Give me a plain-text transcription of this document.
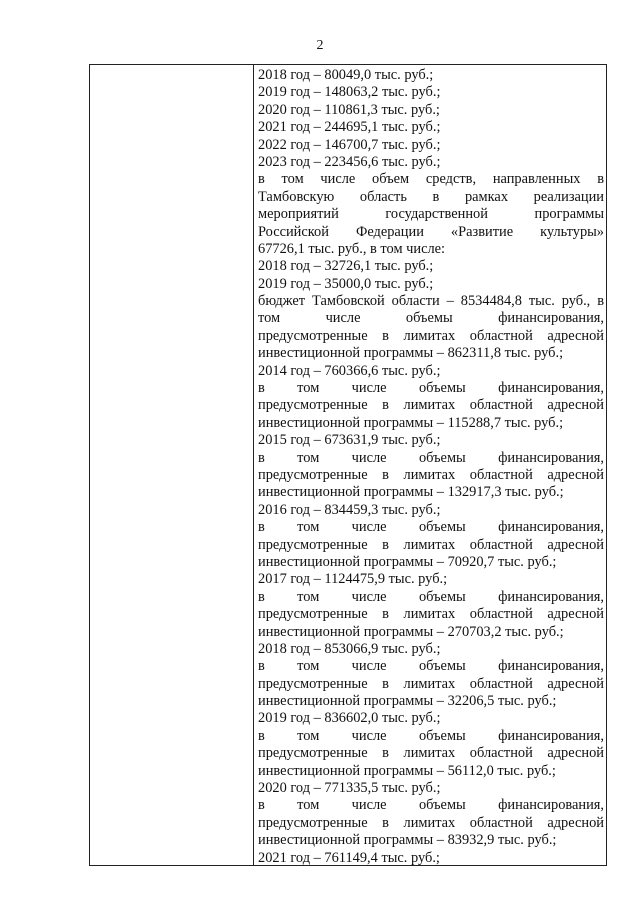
2
2018 год – 80049,0 тыс. руб.;
2019 год – 148063,2 тыс. руб.;
2020 год – 110861,3 тыс. руб.;
2021 год – 244695,1 тыс. руб.;
2022 год – 146700,7 тыс. руб.;
2023 год – 223456,6 тыс. руб.;
в том числе объем средств, направленных в
Тамбовскую область в рамках реализации
мероприятий государственной программы
Российской Федерации «Развитие культуры»
67726,1 тыс. руб., в том числе:
2018 год – 32726,1 тыс. руб.;
2019 год – 35000,0 тыс. руб.;
бюджет Тамбовской области – 8534484,8 тыс. руб., в
том числе объемы финансирования,
предусмотренные в лимитах областной адресной
инвестиционной программы – 862311,8 тыс. руб.;
2014 год – 760366,6 тыс. руб.;
в том числе объемы финансирования,
предусмотренные в лимитах областной адресной
инвестиционной программы – 115288,7 тыс. руб.;
2015 год – 673631,9 тыс. руб.;
в том числе объемы финансирования,
предусмотренные в лимитах областной адресной
инвестиционной программы – 132917,3 тыс. руб.;
2016 год – 834459,3 тыс. руб.;
в том числе объемы финансирования,
предусмотренные в лимитах областной адресной
инвестиционной программы – 70920,7 тыс. руб.;
2017 год – 1124475,9 тыс. руб.;
в том числе объемы финансирования,
предусмотренные в лимитах областной адресной
инвестиционной программы – 270703,2 тыс. руб.;
2018 год – 853066,9 тыс. руб.;
в том числе объемы финансирования,
предусмотренные в лимитах областной адресной
инвестиционной программы – 32206,5 тыс. руб.;
2019 год – 836602,0 тыс. руб.;
в том числе объемы финансирования,
предусмотренные в лимитах областной адресной
инвестиционной программы – 56112,0 тыс. руб.;
2020 год – 771335,5 тыс. руб.;
в том числе объемы финансирования,
предусмотренные в лимитах областной адресной
инвестиционной программы – 83932,9 тыс. руб.;
2021 год – 761149,4 тыс. руб.;
